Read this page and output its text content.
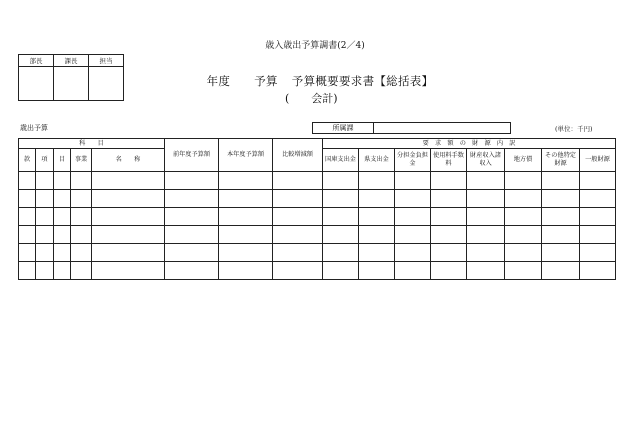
歳入歳出予算調書(2／4)
部長	課長	担当

年度 予算 予算概要要求書【総括表】
( 会計)
歳出予算	所属課		(単位：千円)
科　　目					前年度予算額	本年度予算額	比較増減額	要　求　額　の　財　源　内　訳							
款	項	目	事業	名　　称				国庫支出金	県支出金	分担金負担金	使用料手数料	財産収入諸収入	地方債	その他特定財源	一般財源
